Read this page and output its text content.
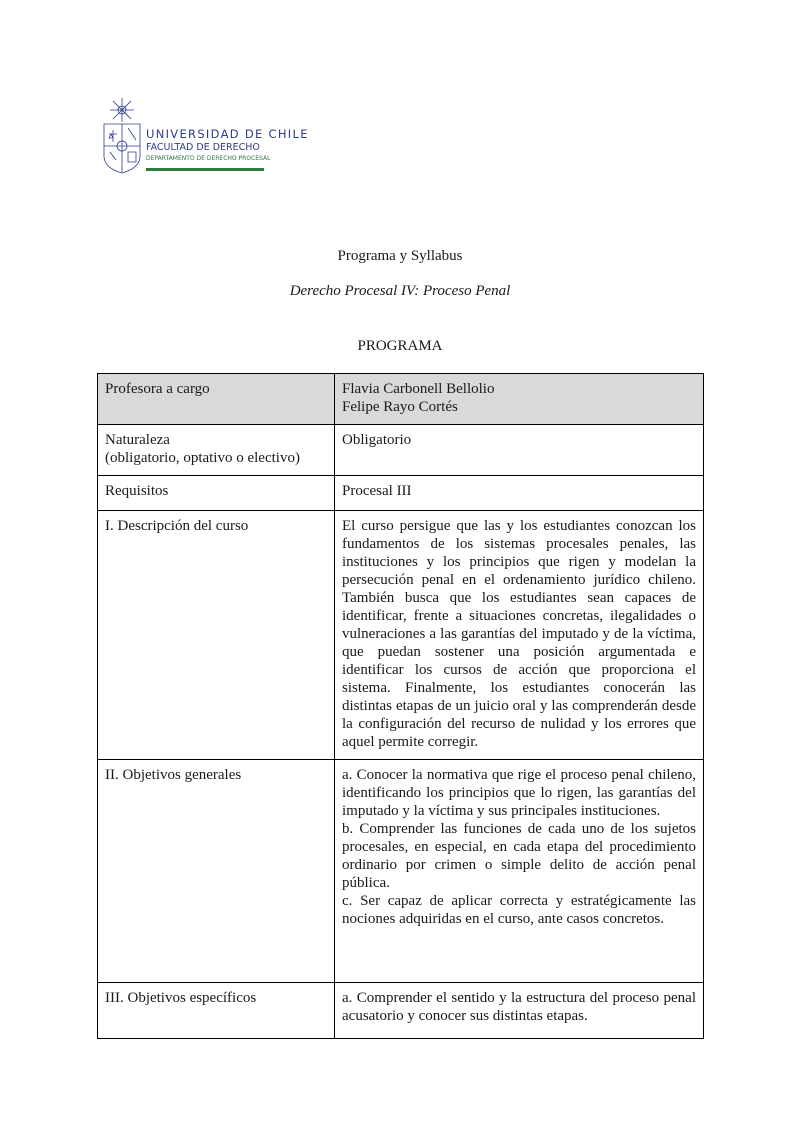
UNIVERSIDAD DE CHILE
FACULTAD DE DERECHO
DEPARTAMENTO DE DERECHO PROCESAL
Programa y Syllabus
Derecho Procesal IV: Proceso Penal
PROGRAMA
Profesora a cargo	Flavia Carbonell Bellolio
Felipe Rayo Cortés

Naturaleza
(obligatorio, optativo o electivo)	Obligatorio

Requisitos	Procesal III

I. Descripción del curso	El curso persigue que las y los estudiantes conozcan los fundamentos de los sistemas procesales penales, las instituciones y los principios que rigen y modelan la persecución penal en el ordenamiento jurídico chileno. También busca que los estudiantes sean capaces de identificar, frente a situaciones concretas, ilegalidades o vulneraciones a las garantías del imputado y de la víctima, que puedan sostener una posición argumentada e identificar los cursos de acción que proporciona el sistema. Finalmente, los estudiantes conocerán las distintas etapas de un juicio oral y las comprenderán desde la configuración del recurso de nulidad y los errores que aquel permite corregir.

II. Objetivos generales	a. Conocer la normativa que rige el proceso penal chileno, identificando los principios que lo rigen, las garantías del imputado y la víctima y sus principales instituciones.
b. Comprender las funciones de cada uno de los sujetos procesales, en especial, en cada etapa del procedimiento ordinario por crimen o simple delito de acción penal pública.
c. Ser capaz de aplicar correcta y estratégicamente las nociones adquiridas en el curso, ante casos concretos.

III. Objetivos específicos	a. Comprender el sentido y la estructura del proceso penal acusatorio y conocer sus distintas etapas.
